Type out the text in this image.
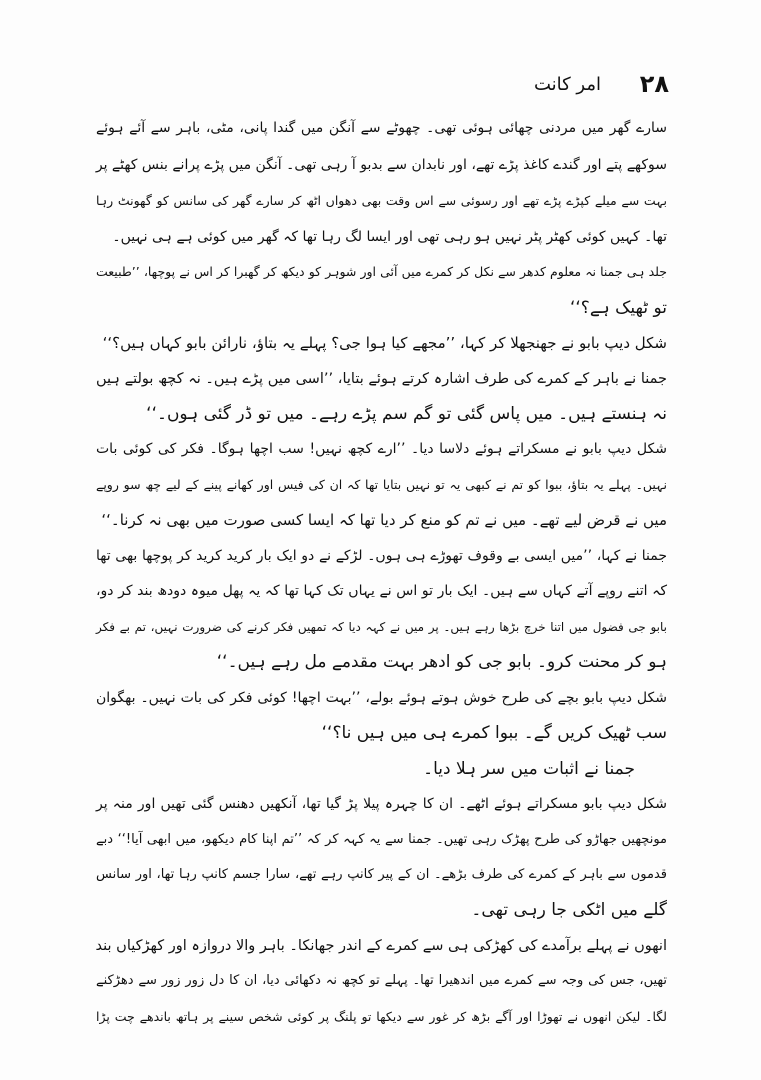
۲۸
امر کانت
سارے گھر میں مردنی چھائی ہوئی تھی۔ چھوٹے سے آنگن میں گندا پانی، مٹی، باہر سے آئے ہوئے
سوکھے پتے اور گندے کاغذ پڑے تھے، اور نابدان سے بدبو آ رہی تھی۔ آنگن میں پڑے پرانے بنس کھٹے پر
بہت سے میلے کپڑے پڑے تھے اور رسوئی سے اس وقت بھی دھواں اٹھ کر سارے گھر کی سانس کو گھونٹ رہا
تھا۔ کہیں کوئی کھٹر پٹر نہیں ہو رہی تھی اور ایسا لگ رہا تھا کہ گھر میں کوئی ہے ہی نہیں۔
جلد ہی جمنا نہ معلوم کدھر سے نکل کر کمرے میں آئی اور شوہر کو دیکھ کر گھبرا کر اس نے پوچھا، ’’طبیعت
تو ٹھیک ہے؟‘‘
شکل دیپ بابو نے جھنجھلا کر کہا، ’’مجھے کیا ہوا جی؟ پہلے یہ بتاؤ، نارائن بابو کہاں ہیں؟‘‘
جمنا نے باہر کے کمرے کی طرف اشارہ کرتے ہوئے بتایا، ’’اسی میں پڑے ہیں۔ نہ کچھ بولتے ہیں
نہ ہنستے ہیں۔ میں پاس گئی تو گم سم پڑے رہے۔ میں تو ڈر گئی ہوں۔‘‘
شکل دیپ بابو نے مسکراتے ہوئے دلاسا دیا۔ ’’ارے کچھ نہیں! سب اچھا ہوگا۔ فکر کی کوئی بات
نہیں۔ پہلے یہ بتاؤ، ببوا کو تم نے کبھی یہ تو نہیں بتایا تھا کہ ان کی فیس اور کھانے پینے کے لیے چھ سو روپے
میں نے قرض لیے تھے۔ میں نے تم کو منع کر دیا تھا کہ ایسا کسی صورت میں بھی نہ کرنا۔‘‘
جمنا نے کہا، ’’میں ایسی بے وقوف تھوڑے ہی ہوں۔ لڑکے نے دو ایک بار کرید کرید کر پوچھا بھی تھا
کہ اتنے روپے آتے کہاں سے ہیں۔ ایک بار تو اس نے یہاں تک کہا تھا کہ یہ پھل میوہ دودھ بند کر دو،
بابو جی فضول میں اتنا خرچ بڑھا رہے ہیں۔ پر میں نے کہہ دیا کہ تمھیں فکر کرنے کی ضرورت نہیں، تم بے فکر
ہو کر محنت کرو۔ بابو جی کو ادھر بہت مقدمے مل رہے ہیں۔‘‘
شکل دیپ بابو بچے کی طرح خوش ہوتے ہوئے بولے، ’’بہت اچھا! کوئی فکر کی بات نہیں۔ بھگوان
سب ٹھیک کریں گے۔ ببوا کمرے ہی میں ہیں نا؟‘‘
جمنا نے اثبات میں سر ہلا دیا۔
شکل دیپ بابو مسکراتے ہوئے اٹھے۔ ان کا چہرہ پیلا پڑ گیا تھا، آنکھیں دھنس گئی تھیں اور منہ پر
مونچھیں جھاڑو کی طرح پھڑک رہی تھیں۔ جمنا سے یہ کہہ کر کہ ’’تم اپنا کام دیکھو، میں ابھی آیا!‘‘ دبے
قدموں سے باہر کے کمرے کی طرف بڑھے۔ ان کے پیر کانپ رہے تھے، سارا جسم کانپ رہا تھا، اور سانس
گلے میں اٹکی جا رہی تھی۔
انھوں نے پہلے برآمدے کی کھڑکی ہی سے کمرے کے اندر جھانکا۔ باہر والا دروازہ اور کھڑکیاں بند
تھیں، جس کی وجہ سے کمرے میں اندھیرا تھا۔ پہلے تو کچھ نہ دکھائی دیا، ان کا دل زور زور سے دھڑکنے
لگا۔ لیکن انھوں نے تھوڑا اور آگے بڑھ کر غور سے دیکھا تو پلنگ پر کوئی شخص سینے پر ہاتھ باندھے چت پڑا
